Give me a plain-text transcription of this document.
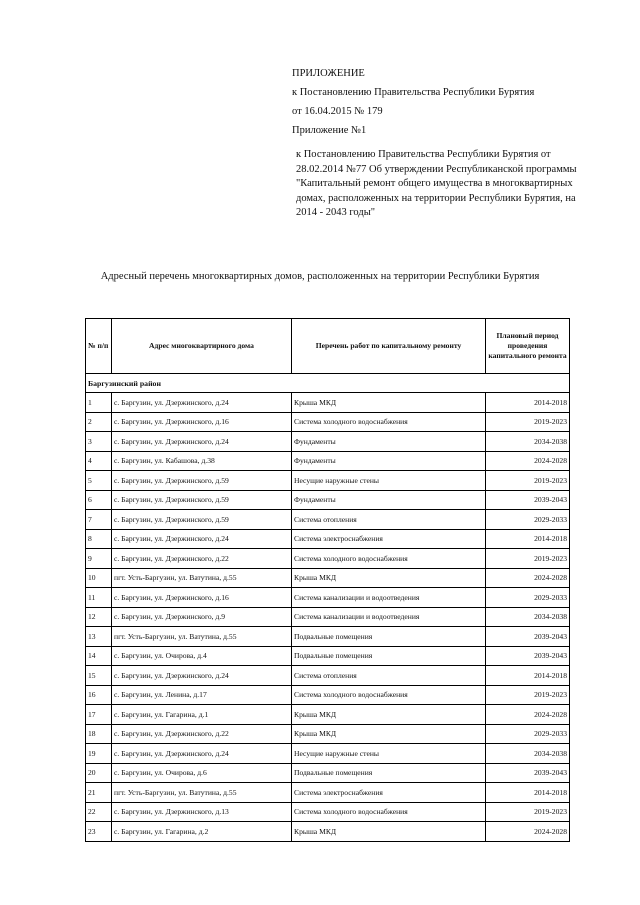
ПРИЛОЖЕНИЕ
к Постановлению Правительства Республики Бурятия
от 16.04.2015 № 179
Приложение №1
к Постановлению Правительства Республики Бурятия от 28.02.2014 №77 Об утверждении Республиканской программы "Капитальный ремонт общего имущества в многоквартирных домах, расположенных на территории Республики Бурятия, на 2014 - 2043 годы"
Адресный перечень многоквартирных домов, расположенных на территории Республики Бурятия
№ п/п	Адрес многоквартирного дома	Перечень работ по капитальному ремонту	Плановый период проведения капитального ремонта
Баргузинский район			
1	с. Баргузин, ул. Дзержинского, д.24	Крыша МКД	2014-2018
2	с. Баргузин, ул. Дзержинского, д.16	Система холодного водоснабжения	2019-2023
3	с. Баргузин, ул. Дзержинского, д.24	Фундаменты	2034-2038
4	с. Баргузин, ул. Кабашова, д.38	Фундаменты	2024-2028
5	с. Баргузин, ул. Дзержинского, д.59	Несущие наружные стены	2019-2023
6	с. Баргузин, ул. Дзержинского, д.59	Фундаменты	2039-2043
7	с. Баргузин, ул. Дзержинского, д.59	Система отопления	2029-2033
8	с. Баргузин, ул. Дзержинского, д.24	Система электроснабжения	2014-2018
9	с. Баргузин, ул. Дзержинского, д.22	Система холодного водоснабжения	2019-2023
10	пгт. Усть-Баргузин, ул. Ватутина, д.55	Крыша МКД	2024-2028
11	с. Баргузин, ул. Дзержинского, д.16	Система канализации и водоотведения	2029-2033
12	с. Баргузин, ул. Дзержинского, д.9	Система канализации и водоотведения	2034-2038
13	пгт. Усть-Баргузин, ул. Ватутина, д.55	Подвальные помещения	2039-2043
14	с. Баргузин, ул. Очирова, д.4	Подвальные помещения	2039-2043
15	с. Баргузин, ул. Дзержинского, д.24	Система отопления	2014-2018
16	с. Баргузин, ул. Ленина, д.17	Система холодного водоснабжения	2019-2023
17	с. Баргузин, ул. Гагарина, д.1	Крыша МКД	2024-2028
18	с. Баргузин, ул. Дзержинского, д.22	Крыша МКД	2029-2033
19	с. Баргузин, ул. Дзержинского, д.24	Несущие наружные стены	2034-2038
20	с. Баргузин, ул. Очирова, д.6	Подвальные помещения	2039-2043
21	пгт. Усть-Баргузин, ул. Ватутина, д.55	Система электроснабжения	2014-2018
22	с. Баргузин, ул. Дзержинского, д.13	Система холодного водоснабжения	2019-2023
23	с. Баргузин, ул. Гагарина, д.2	Крыша МКД	2024-2028
